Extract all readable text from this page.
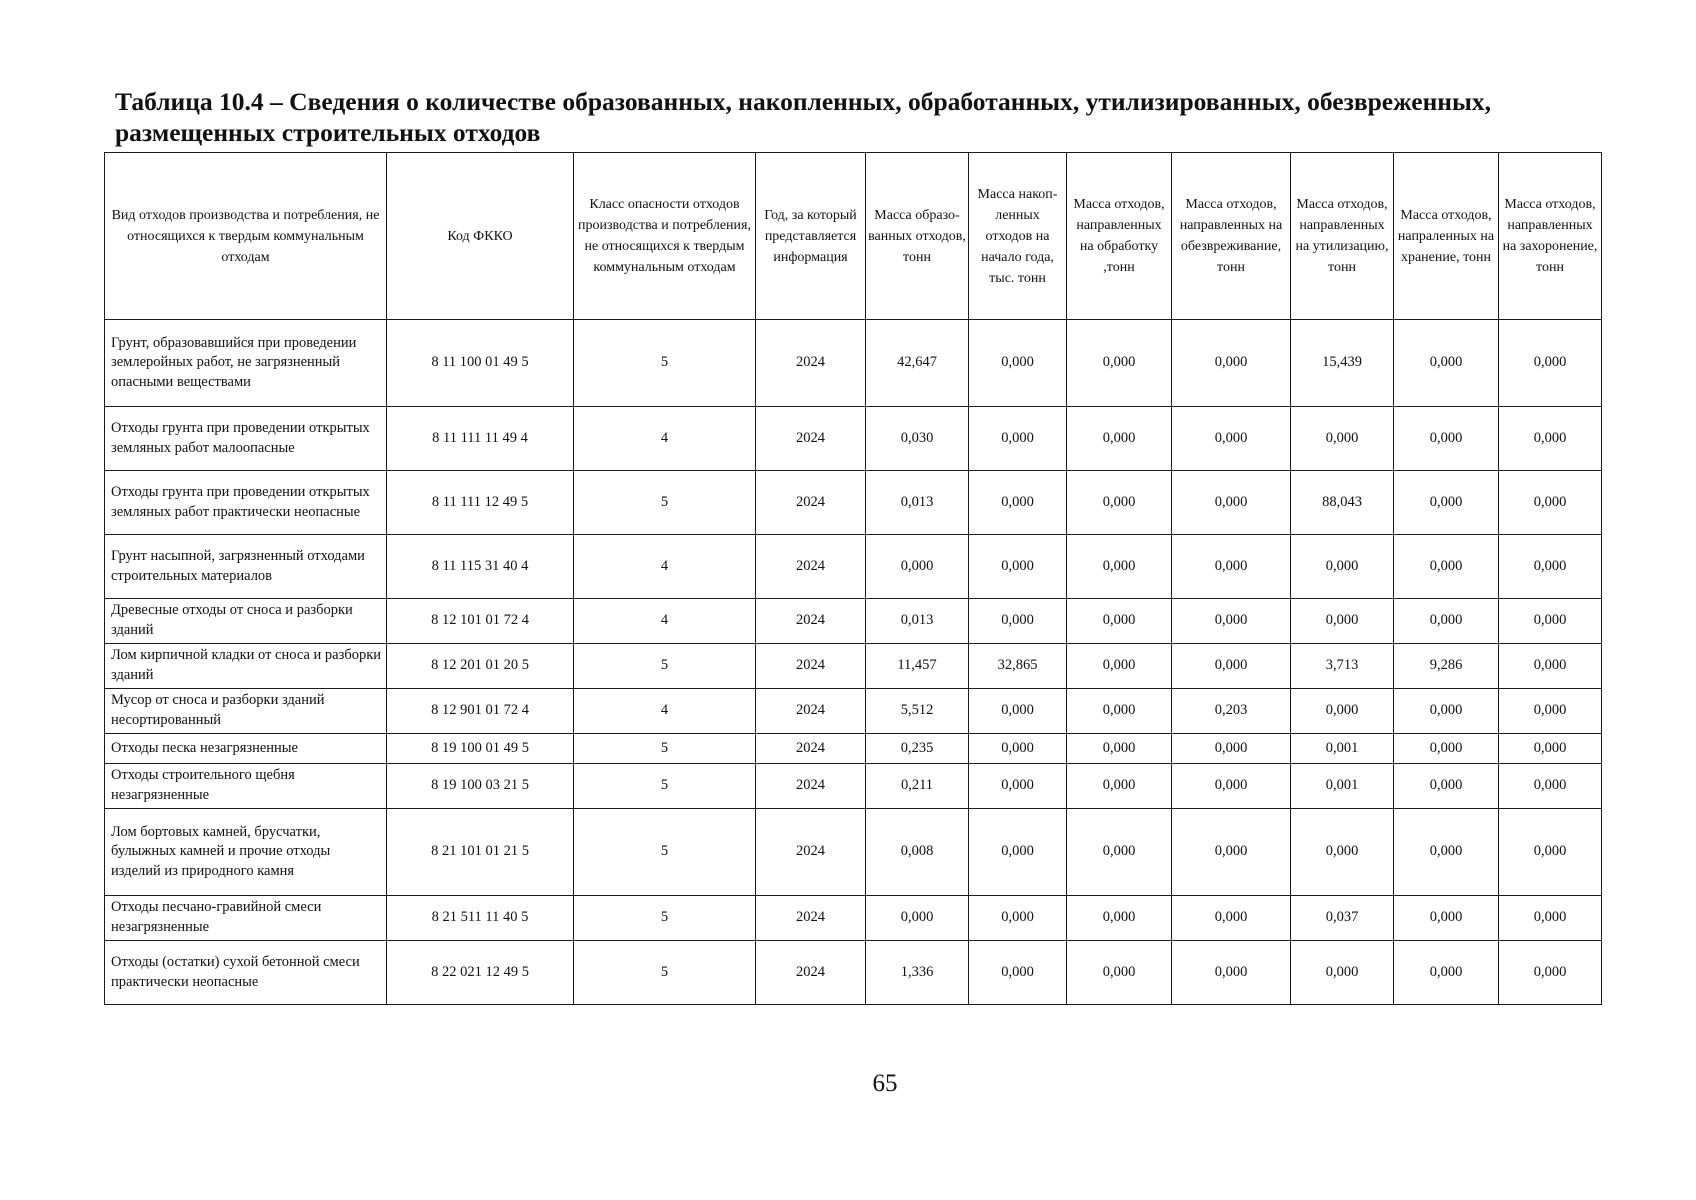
Таблица 10.4 – Сведения о количестве образованных, накопленных, обработанных, утилизированных, обезвреженных, размещенных строительных отходов
Вид отходов производства и потребления, не относящихся к твердым коммунальным отходам	Код ФККО	Класс опасности отходов производства и потребления, не относящихся к твердым коммунальным отходам	Год, за который представляется информация	Масса образованных отходов, тонн	Масса накопленных отходов на начало года, тыс. тонн	Масса отходов, направленных на обработку ,тонн	Масса отходов, направленных на обезвреживание, тонн	Масса отходов, направленных на утилизацию, тонн	Масса отходов, напраленных на хранение, тонн	Масса отходов, направленных на захоронение, тонн
Грунт, образовавшийся при проведении землеройных работ, не загрязненный опасными веществами	8 11 100 01 49 5	5	2024	42,647	0,000	0,000	0,000	15,439	0,000	0,000
Отходы грунта при проведении открытых земляных работ малоопасные	8 11 111 11 49 4	4	2024	0,030	0,000	0,000	0,000	0,000	0,000	0,000
Отходы грунта при проведении открытых земляных работ практически неопасные	8 11 111 12 49 5	5	2024	0,013	0,000	0,000	0,000	88,043	0,000	0,000
Грунт насыпной, загрязненный отходами строительных материалов	8 11 115 31 40 4	4	2024	0,000	0,000	0,000	0,000	0,000	0,000	0,000
Древесные отходы от сноса и разборки зданий	8 12 101 01 72 4	4	2024	0,013	0,000	0,000	0,000	0,000	0,000	0,000
Лом кирпичной кладки от сноса и разборки зданий	8 12 201 01 20 5	5	2024	11,457	32,865	0,000	0,000	3,713	9,286	0,000
Мусор от сноса и разборки зданий несортированный	8 12 901 01 72 4	4	2024	5,512	0,000	0,000	0,203	0,000	0,000	0,000
Отходы песка незагрязненные	8 19 100 01 49 5	5	2024	0,235	0,000	0,000	0,000	0,001	0,000	0,000
Отходы строительного щебня незагрязненные	8 19 100 03 21 5	5	2024	0,211	0,000	0,000	0,000	0,001	0,000	0,000
Лом бортовых камней, брусчатки, булыжных камней и прочие отходы изделий из природного камня	8 21 101 01 21 5	5	2024	0,008	0,000	0,000	0,000	0,000	0,000	0,000
Отходы песчано-гравийной смеси незагрязненные	8 21 511 11 40 5	5	2024	0,000	0,000	0,000	0,000	0,037	0,000	0,000
Отходы (остатки) сухой бетонной смеси практически неопасные	8 22 021 12 49 5	5	2024	1,336	0,000	0,000	0,000	0,000	0,000	0,000
65
